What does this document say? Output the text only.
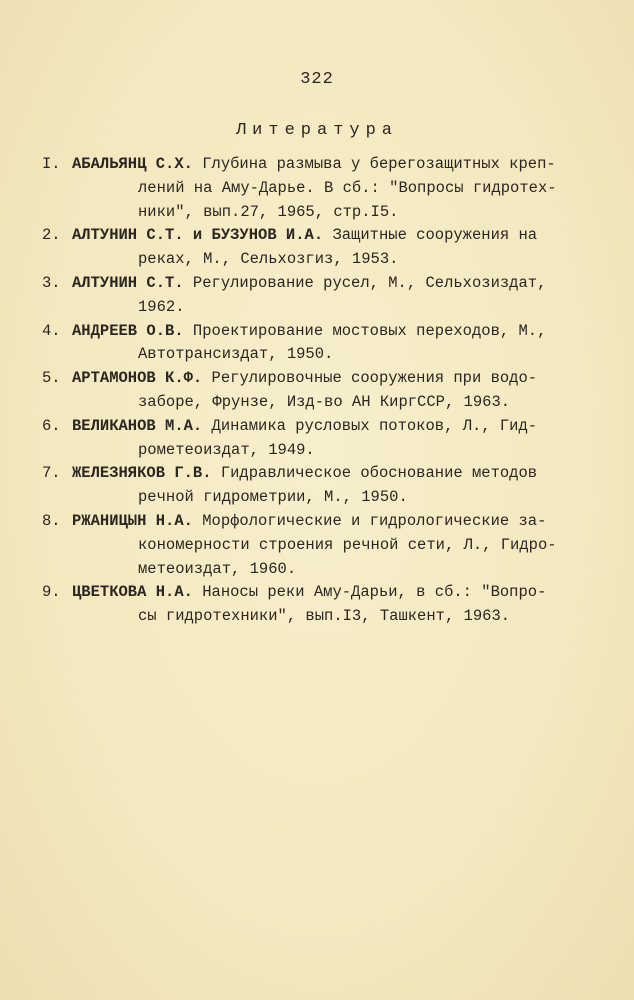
322
Литература
I. АБАЛЬЯНЦ С.Х. Глубина размыва у берегозащитных креп-
лений на Аму-Дарье. В сб.: "Вопросы гидротех-
ники", вып.27, 1965, стр.I5.
2. АЛТУНИН С.Т. и БУЗУНОВ И.А. Защитные сооружения на
реках, М., Сельхозгиз, 1953.
3. АЛТУНИН С.Т. Регулирование русел, М., Сельхозиздат,
1962.
4. АНДРЕЕВ О.В. Проектирование мостовых переходов, М.,
Автотрансиздат, 1950.
5. АРТАМОНОВ К.Ф. Регулировочные сооружения при водо-
заборе, Фрунзе, Изд-во АН КиргССР, 1963.
6. ВЕЛИКАНОВ М.А. Динамика русловых потоков, Л., Гид-
рометеоиздат, 1949.
7. ЖЕЛЕЗНЯКОВ Г.В. Гидравлическое обоснование методов
речной гидрометрии, М., 1950.
8. РЖАНИЦЫН Н.А. Морфологические и гидрологические за-
кономерности строения речной сети, Л., Гидро-
метеоиздат, 1960.
9. ЦВЕТКОВА Н.А. Наносы реки Аму-Дарьи, в сб.: "Вопро-
сы гидротехники", вып.I3, Ташкент, 1963.
